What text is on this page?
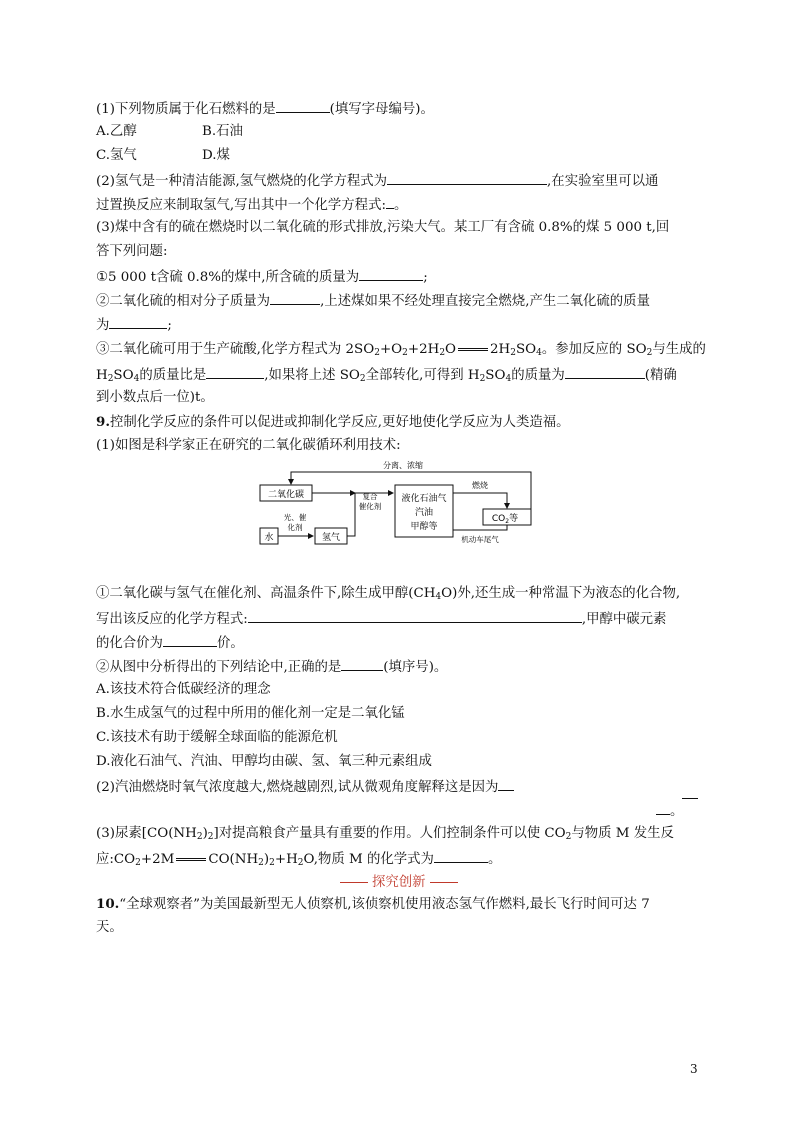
(1)下列物质属于化石燃料的是	(填写字母编号)。
A.乙醇	B.石油
C.氢气	D.煤
(2)氢气是一种清洁能源,氢气燃烧的化学方程式为	,在实验室里可以通
过置换反应来制取氢气,写出其中一个化学方程式: 。
(3)煤中含有的硫在燃烧时以二氧化硫的形式排放,污染大气。某工厂有含硫 0.8%的煤 5 000 t,回
答下列问题:
①5 000 t含硫 0.8%的煤中,所含硫的质量为	;
②二氧化硫的相对分子质量为	,上述煤如果不经处理直接完全燃烧,产生二氧化硫的质量
为	;
③二氧化硫可用于生产硫酸,化学方程式为 $2SO_2+O_2+2H_2O$	$2H_2SO_4$。参加反应的 $SO_2$与生成的
$H_2SO_4$的质量比是	,如果将上述 $SO_2$全部转化,可得到 $H_2SO_4$的质量为	(精确
到小数点后一位)t。
9.控制化学反应的条件可以促进或抑制化学反应,更好地使化学反应为人类造福。
(1)如图是科学家正在研究的二氧化碳循环利用技术:
分离、浓缩
二氧化碳	复合
催化剂
液化石油气
汽油
甲醇等
燃烧
$CO_2$等
机动车尾气
水
光、催
化剂
氢气
①二氧化碳与氢气在催化剂、高温条件下,除生成甲醇$(CH_4O)$外,还生成一种常温下为液态的化合物,
写出该反应的化学方程式:	,甲醇中碳元素
的化合价为	价。
②从图中分析得出的下列结论中,正确的是	(填序号)。
A.该技术符合低碳经济的理念
B.水生成氢气的过程中所用的催化剂一定是二氧化锰
C.该技术有助于缓解全球面临的能源危机
D.液化石油气、汽油、甲醇均由碳、氢、氧三种元素组成
(2)汽油燃烧时氧气浓度越大,燃烧越剧烈,试从微观角度解释这是因为
。
(3)尿素$[CO(NH_2)_2]$对提高粮食产量具有重要的作用。人们控制条件可以使 $CO_2$与物质 M 发生反
应$:CO_2+2M$	$CO(NH_2)_2+H_2O$,物质 M 的化学式为	。
探究创新
10.“全球观察者”为美国最新型无人侦察机,该侦察机使用液态氢气作燃料,最长飞行时间可达 7
天。
3
